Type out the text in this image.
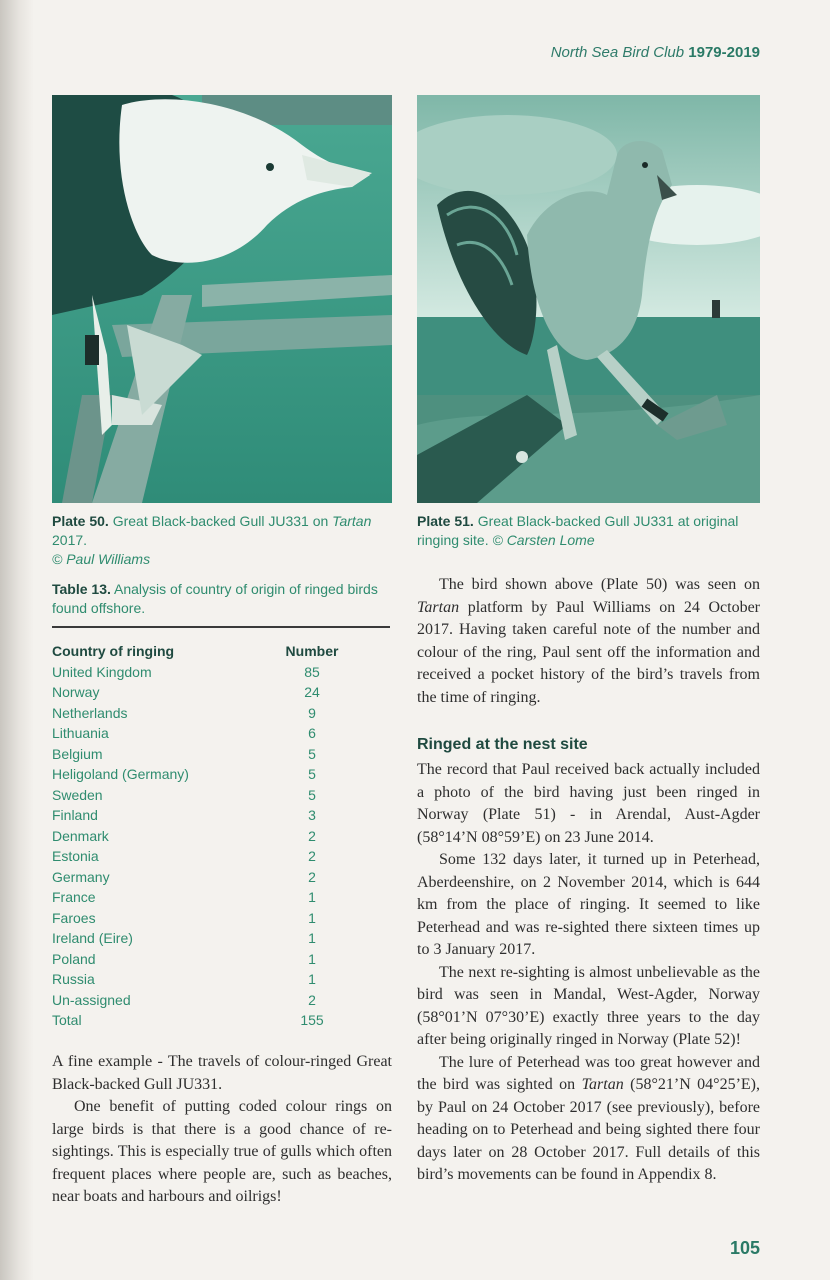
North Sea Bird Club 1979-2019
Plate 50. Great Black-backed Gull JU331 on Tartan 2017.
© Paul Williams
Plate 51. Great Black-backed Gull JU331 at original ringing site. © Carsten Lome
Table 13. Analysis of country of origin of ringed birds found offshore.
Country of ringing	Number
United Kingdom	85
Norway	24
Netherlands	9
Lithuania	6
Belgium	5
Heligoland (Germany)	5
Sweden	5
Finland	3
Denmark	2
Estonia	2
Germany	2
France	1
Faroes	1
Ireland (Eire)	1
Poland	1
Russia	1
Un-assigned	2
Total	155

A fine example - The travels of colour-ringed Great Black-backed Gull JU331.

One benefit of putting coded colour rings on large birds is that there is a good chance of re-sightings. This is especially true of gulls which often frequent places where people are, such as beaches, near boats and harbours and oilrigs!

The bird shown above (Plate 50) was seen on Tartan platform by Paul Williams on 24 October 2017. Having taken careful note of the number and colour of the ring, Paul sent off the information and received a pocket history of the bird’s travels from the time of ringing.

Ringed at the nest site

The record that Paul received back actually included a photo of the bird having just been ringed in Norway (Plate 51) - in Arendal, Aust-Agder (58°14’N 08°59’E) on 23 June 2014.

Some 132 days later, it turned up in Peterhead, Aberdeenshire, on 2 November 2014, which is 644 km from the place of ringing. It seemed to like Peterhead and was re-sighted there sixteen times up to 3 January 2017.

The next re-sighting is almost unbelievable as the bird was seen in Mandal, West-Agder, Norway (58°01’N 07°30’E) exactly three years to the day after being originally ringed in Norway (Plate 52)!

The lure of Peterhead was too great however and the bird was sighted on Tartan (58°21’N 04°25’E), by Paul on 24 October 2017 (see previously), before heading on to Peterhead and being sighted there four days later on 28 October 2017. Full details of this bird’s movements can be found in Appendix 8.

105
